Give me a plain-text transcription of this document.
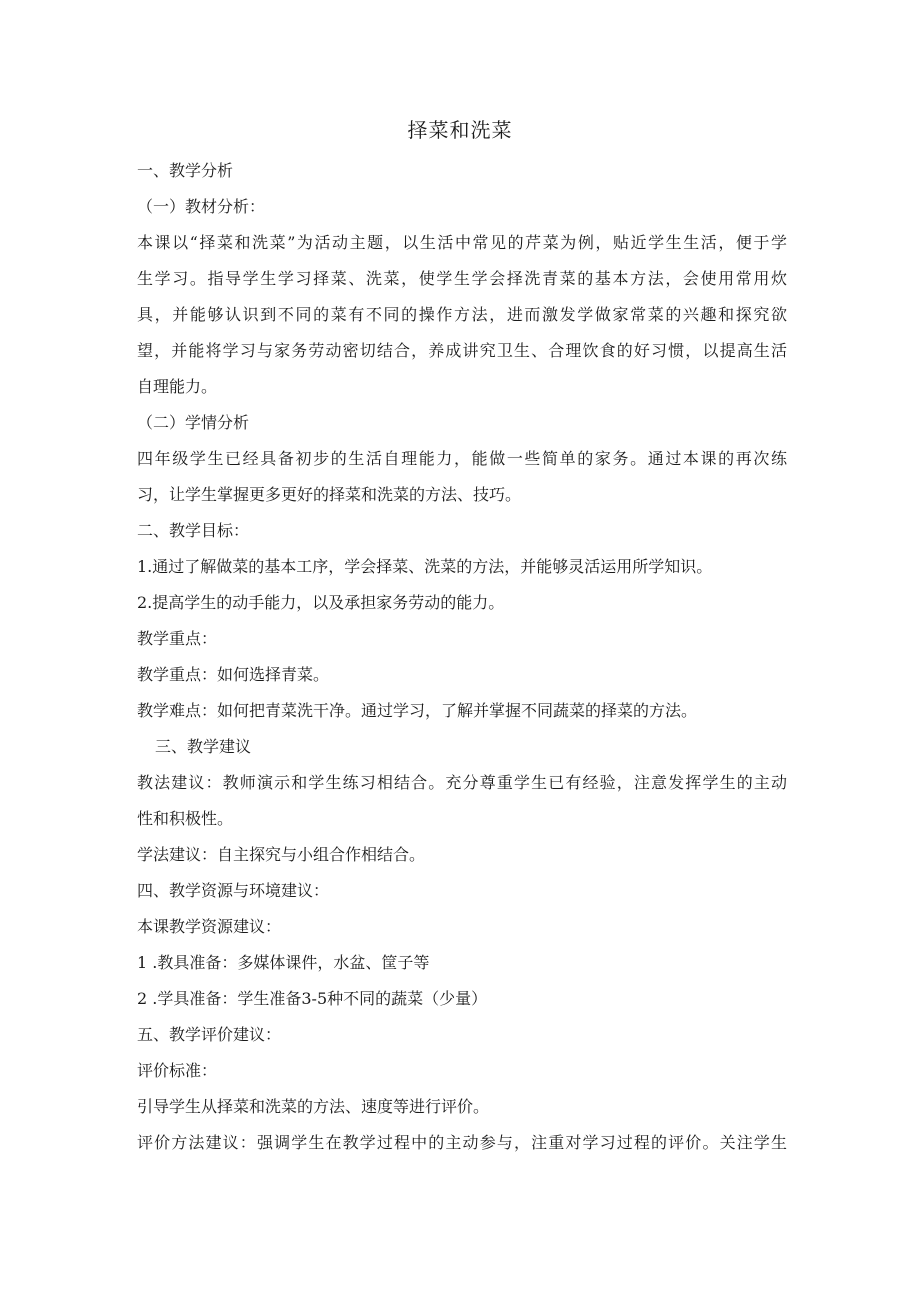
择菜和洗菜
一、教学分析
（一）教材分析：
本课以“择菜和洗菜”为活动主题，以生活中常见的芹菜为例，贴近学生生活，便于学
生学习。指导学生学习择菜、洗菜，使学生学会择洗青菜的基本方法，会使用常用炊
具，并能够认识到不同的菜有不同的操作方法，进而激发学做家常菜的兴趣和探究欲
望，并能将学习与家务劳动密切结合，养成讲究卫生、合理饮食的好习惯，以提高生活
自理能力。
（二）学情分析
四年级学生已经具备初步的生活自理能力，能做一些简单的家务。通过本课的再次练
习，让学生掌握更多更好的择菜和洗菜的方法、技巧。
二、教学目标：
1.通过了解做菜的基本工序，学会择菜、洗菜的方法，并能够灵活运用所学知识。
2.提高学生的动手能力，以及承担家务劳动的能力。
教学重点：
教学重点：如何选择青菜。
教学难点：如何把青菜洗干净。通过学习，了解并掌握不同蔬菜的择菜的方法。
三、教学建议
教法建议：教师演示和学生练习相结合。充分尊重学生已有经验，注意发挥学生的主动
性和积极性。
学法建议：自主探究与小组合作相结合。
四、教学资源与环境建议：
本课教学资源建议：
1 .教具准备：多媒体课件，水盆、筐子等
2 .学具准备：学生准备3-5种不同的蔬菜（少量）
五、教学评价建议：
评价标准：
引导学生从择菜和洗菜的方法、速度等进行评价。
评价方法建议：强调学生在教学过程中的主动参与，注重对学习过程的评价。关注学生
